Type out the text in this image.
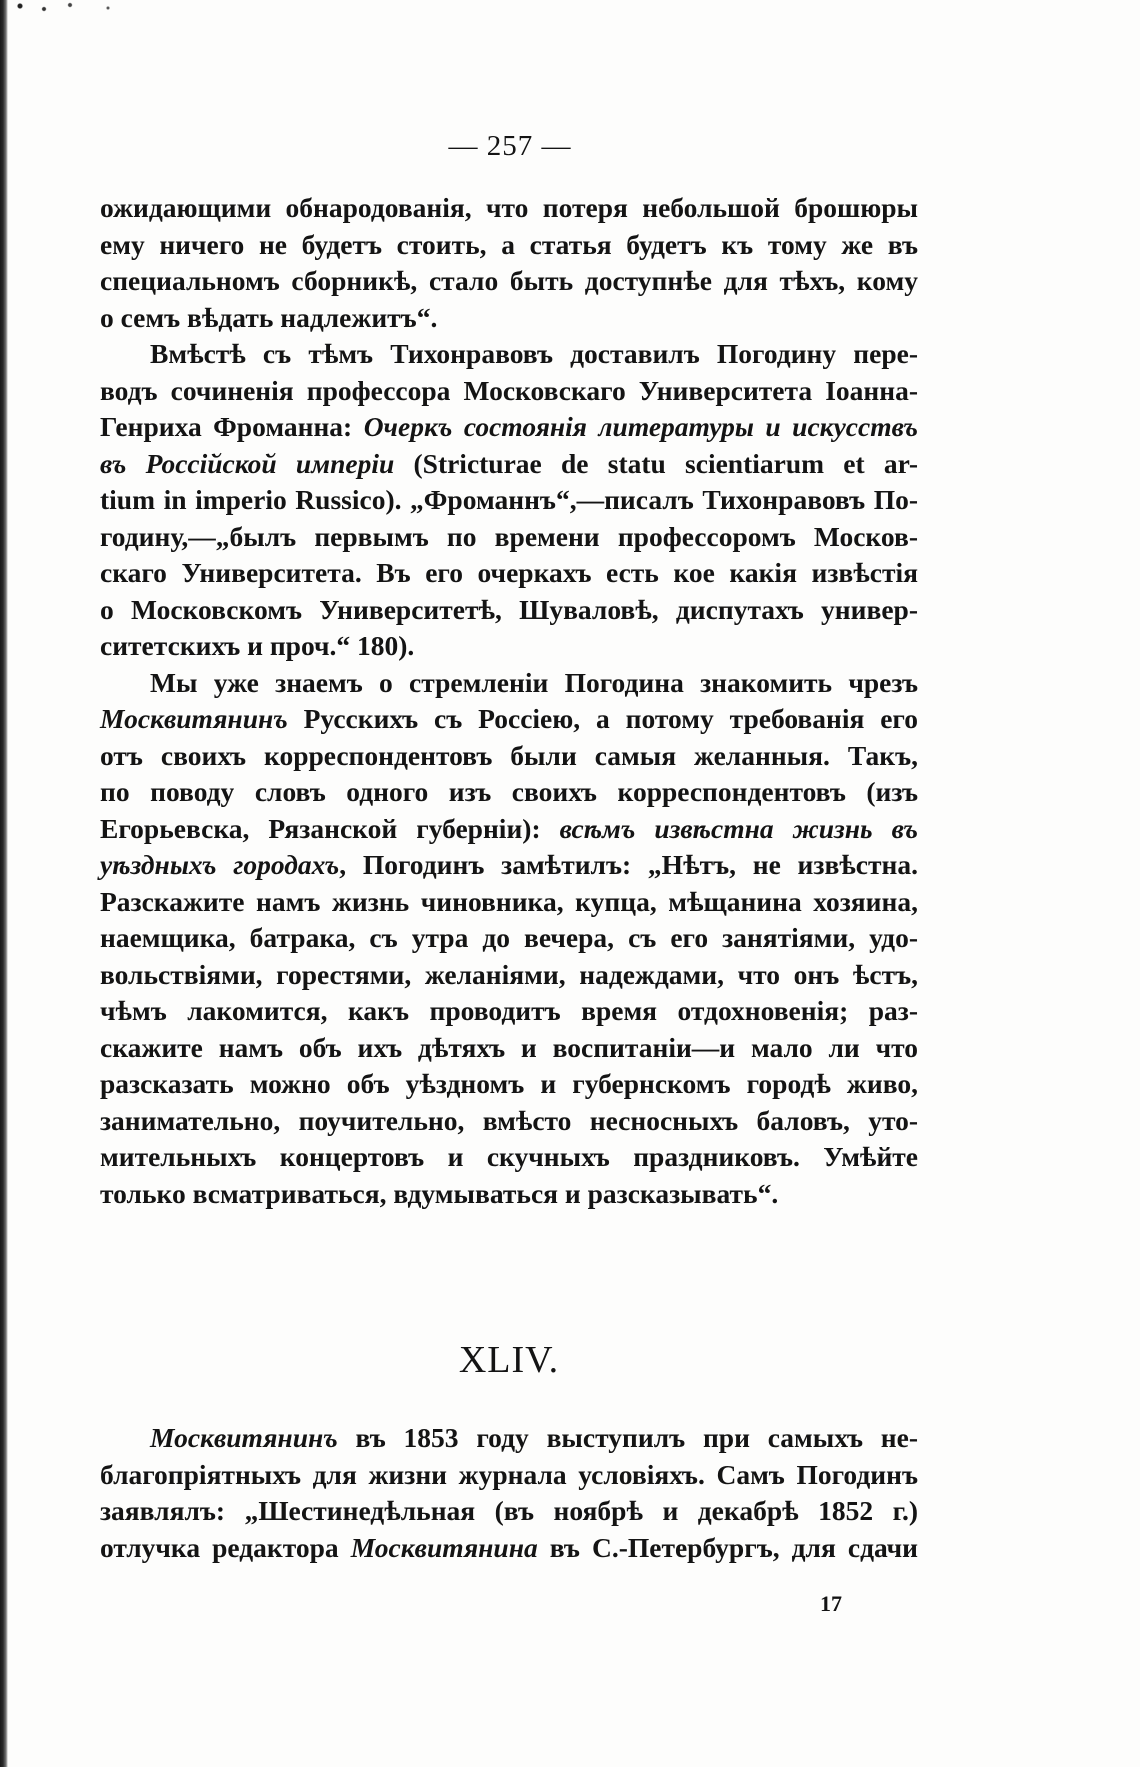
— 257 —
ожидающими обнародованія, что потеря небольшой брошюры
ему ничего не будетъ стоить, а статья будетъ къ тому же въ
специальномъ сборникѣ, стало быть доступнѣе для тѣхъ, кому
о семъ вѣдать надлежитъ“.
Вмѣстѣ съ тѣмъ Тихонравовъ доставилъ Погодину пере-
водъ сочиненія профессора Московскаго Университета Іоанна-
Генриха Фроманна: Очеркъ состоянія литературы и искусствъ
въ Россійской имперіи (Stricturae de statu scientiarum et ar-
tium in imperio Russico). „Фроманнъ“,—писалъ Тихонравовъ По-
годину,—„былъ первымъ по времени профессоромъ Москов-
скаго Университета. Въ его очеркахъ есть кое какія извѣстія
о Московскомъ Университетѣ, Шуваловѣ, диспутахъ универ-
ситетскихъ и проч.“ 180).
Мы уже знаемъ о стремленіи Погодина знакомить чрезъ
Москвитянинъ Русскихъ съ Россіею, а потому требованія его
отъ своихъ корреспондентовъ были самыя желанныя. Такъ,
по поводу словъ одного изъ своихъ корреспондентовъ (изъ
Егорьевска, Рязанской губерніи): всѣмъ извѣстна жизнь въ
уѣздныхъ городахъ, Погодинъ замѣтилъ: „Нѣтъ, не извѣстна.
Разскажите намъ жизнь чиновника, купца, мѣщанина хозяина,
наемщика, батрака, съ утра до вечера, съ его занятіями, удо-
вольствіями, горестями, желаніями, надеждами, что онъ ѣстъ,
чѣмъ лакомится, какъ проводитъ время отдохновенія; раз-
скажите намъ объ ихъ дѣтяхъ и воспитаніи—и мало ли что
разсказать можно объ уѣздномъ и губернскомъ городѣ живо,
занимательно, поучительно, вмѣсто несносныхъ баловъ, уто-
мительныхъ концертовъ и скучныхъ праздниковъ. Умѣйте
только всматриваться, вдумываться и разсказывать“.
XLIV.
Москвитянинъ въ 1853 году выступилъ при самыхъ не-
благопріятныхъ для жизни журнала условіяхъ. Самъ Погодинъ
заявлялъ: „Шестинедѣльная (въ ноябрѣ и декабрѣ 1852 г.)
отлучка редактора Москвитянина въ С.-Петербургъ, для сдачи
17
